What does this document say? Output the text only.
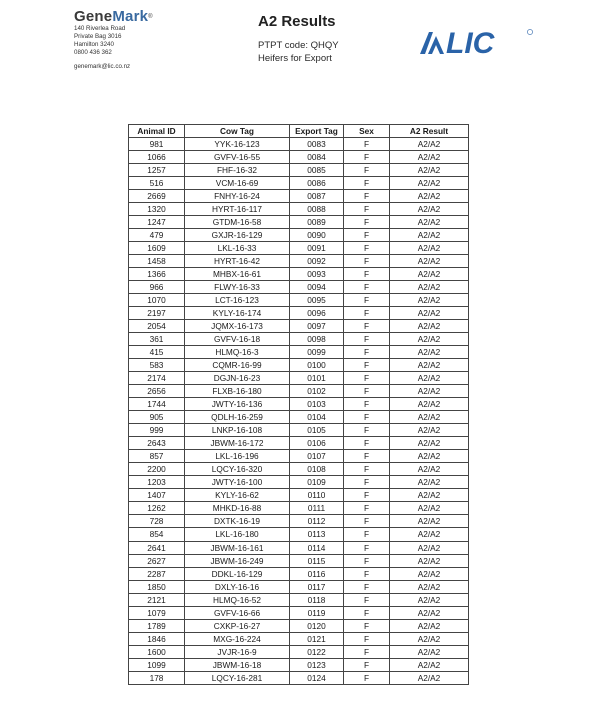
GeneMark®
140 Riverlea Road
Private Bag 3016
Hamilton 3240
0800 436 362
genemark@lic.co.nz
A2 Results
PTPT code: QHQY
Heifers for Export	LIC
Animal ID	Cow Tag	Export Tag	Sex	A2 Result
981	YYK-16-123	0083	F	A2/A2
1066	GVFV-16-55	0084	F	A2/A2
1257	FHF-16-32	0085	F	A2/A2
516	VCM-16-69	0086	F	A2/A2
2669	FNHY-16-24	0087	F	A2/A2
1320	HYRT-16-117	0088	F	A2/A2
1247	GTDM-16-58	0089	F	A2/A2
479	GXJR-16-129	0090	F	A2/A2
1609	LKL-16-33	0091	F	A2/A2
1458	HYRT-16-42	0092	F	A2/A2
1366	MHBX-16-61	0093	F	A2/A2
966	FLWY-16-33	0094	F	A2/A2
1070	LCT-16-123	0095	F	A2/A2
2197	KYLY-16-174	0096	F	A2/A2
2054	JQMX-16-173	0097	F	A2/A2
361	GVFV-16-18	0098	F	A2/A2
415	HLMQ-16-3	0099	F	A2/A2
583	CQMR-16-99	0100	F	A2/A2
2174	DGJN-16-23	0101	F	A2/A2
2656	FLXB-16-180	0102	F	A2/A2
1744	JWTY-16-136	0103	F	A2/A2
905	QDLH-16-259	0104	F	A2/A2
999	LNKP-16-108	0105	F	A2/A2
2643	JBWM-16-172	0106	F	A2/A2
857	LKL-16-196	0107	F	A2/A2
2200	LQCY-16-320	0108	F	A2/A2
1203	JWTY-16-100	0109	F	A2/A2
1407	KYLY-16-62	0110	F	A2/A2
1262	MHKD-16-88	0111	F	A2/A2
728	DXTK-16-19	0112	F	A2/A2
854	LKL-16-180	0113	F	A2/A2
2641	JBWM-16-161	0114	F	A2/A2
2627	JBWM-16-249	0115	F	A2/A2
2287	DDKL-16-129	0116	F	A2/A2
1850	DXLY-16-16	0117	F	A2/A2
2121	HLMQ-16-52	0118	F	A2/A2
1079	GVFV-16-66	0119	F	A2/A2
1789	CXKP-16-27	0120	F	A2/A2
1846	MXG-16-224	0121	F	A2/A2
1600	JVJR-16-9	0122	F	A2/A2
1099	JBWM-16-18	0123	F	A2/A2
178	LQCY-16-281	0124	F	A2/A2
